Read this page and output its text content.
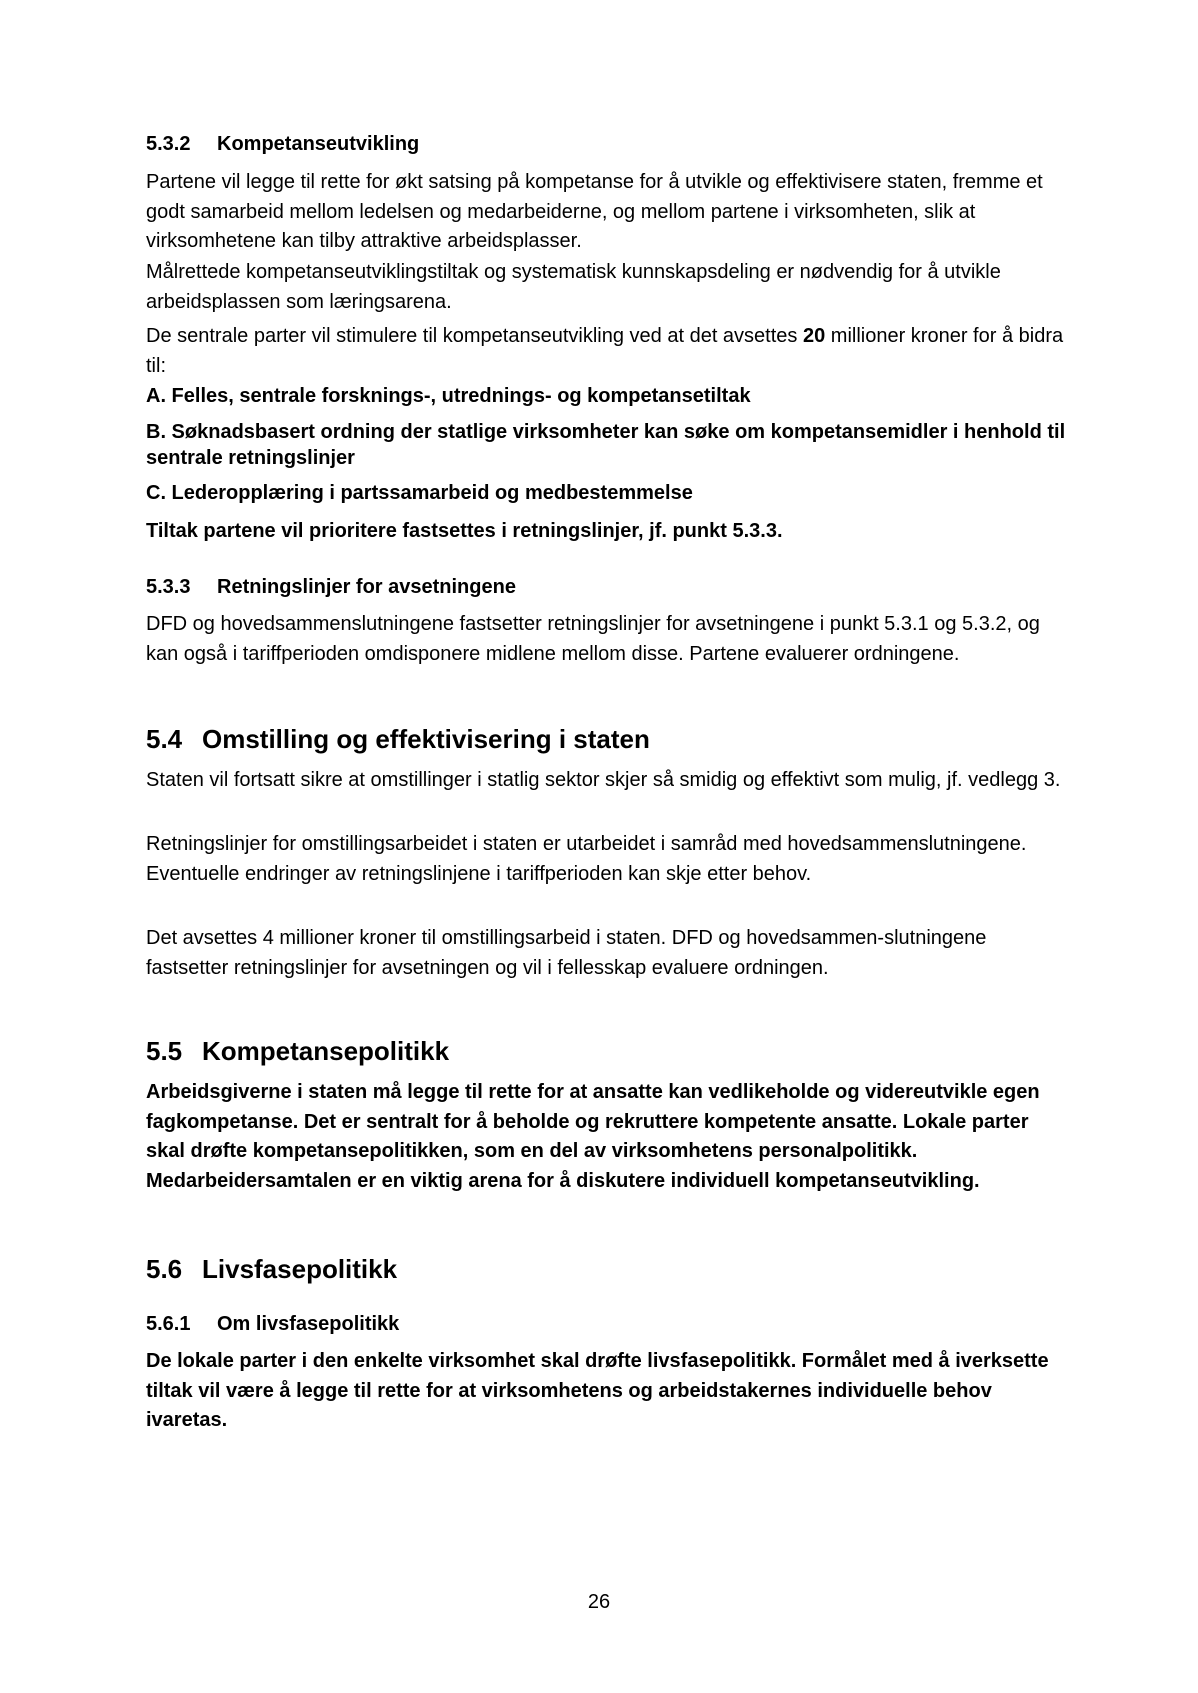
5.3.2 Kompetanseutvikling

Partene vil legge til rette for økt satsing på kompetanse for å utvikle og effektivisere staten, fremme et godt samarbeid mellom ledelsen og medarbeiderne, og mellom partene i virksomheten, slik at virksomhetene kan tilby attraktive arbeidsplasser.

Målrettede kompetanseutviklingstiltak og systematisk kunnskapsdeling er nødvendig for å utvikle arbeidsplassen som læringsarena.

De sentrale parter vil stimulere til kompetanseutvikling ved at det avsettes 20 millioner kroner for å bidra til:

A. Felles, sentrale forsknings-, utrednings- og kompetansetiltak

B. Søknadsbasert ordning der statlige virksomheter kan søke om kompetansemidler i henhold til sentrale retningslinjer

C. Lederopplæring i partssamarbeid og medbestemmelse

Tiltak partene vil prioritere fastsettes i retningslinjer, jf. punkt 5.3.3.

5.3.3 Retningslinjer for avsetningene

DFD og hovedsammenslutningene fastsetter retningslinjer for avsetningene i punkt 5.3.1 og 5.3.2, og kan også i tariffperioden omdisponere midlene mellom disse. Partene evaluerer ordningene.

5.4 Omstilling og effektivisering i staten

Staten vil fortsatt sikre at omstillinger i statlig sektor skjer så smidig og effektivt som mulig, jf. vedlegg 3.

Retningslinjer for omstillingsarbeidet i staten er utarbeidet i samråd med hovedsammenslutningene. Eventuelle endringer av retningslinjene i tariffperioden kan skje etter behov.

Det avsettes 4 millioner kroner til omstillingsarbeid i staten. DFD og hovedsammen-slutningene fastsetter retningslinjer for avsetningen og vil i fellesskap evaluere ordningen.

5.5 Kompetansepolitikk

Arbeidsgiverne i staten må legge til rette for at ansatte kan vedlikeholde og videreutvikle egen fagkompetanse. Det er sentralt for å beholde og rekruttere kompetente ansatte. Lokale parter skal drøfte kompetansepolitikken, som en del av virksomhetens personalpolitikk. Medarbeidersamtalen er en viktig arena for å diskutere individuell kompetanseutvikling.

5.6 Livsfasepolitikk
5.6.1 Om livsfasepolitikk

De lokale parter i den enkelte virksomhet skal drøfte livsfasepolitikk. Formålet med å iverksette tiltak vil være å legge til rette for at virksomhetens og arbeidstakernes individuelle behov ivaretas.

26
